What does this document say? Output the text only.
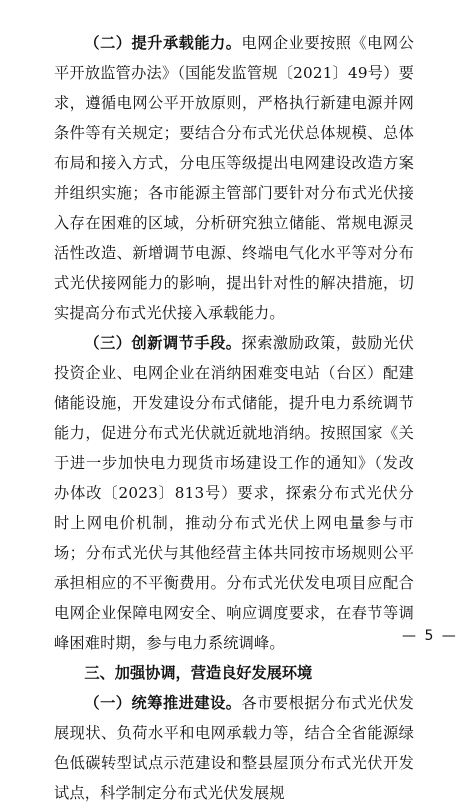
（二）提升承载能力。电网企业要按照《电网公平开放监管办法》（国能发监管规〔2021〕49号）要求，遵循电网公平开放原则，严格执行新建电源并网条件等有关规定；要结合分布式光伏总体规模、总体布局和接入方式，分电压等级提出电网建设改造方案并组织实施；各市能源主管部门要针对分布式光伏接入存在困难的区域，分析研究独立储能、常规电源灵活性改造、新增调节电源、终端电气化水平等对分布式光伏接网能力的影响，提出针对性的解决措施，切实提高分布式光伏接入承载能力。

（三）创新调节手段。探索激励政策，鼓励光伏投资企业、电网企业在消纳困难变电站（台区）配建储能设施，开发建设分布式储能，提升电力系统调节能力，促进分布式光伏就近就地消纳。按照国家《关于进一步加快电力现货市场建设工作的通知》（发改办体改〔2023〕813号）要求，探索分布式光伏分时上网电价机制，推动分布式光伏上网电量参与市场；分布式光伏与其他经营主体共同按市场规则公平承担相应的不平衡费用。分布式光伏发电项目应配合电网企业保障电网安全、响应调度要求，在春节等调峰困难时期，参与电力系统调峰。

三、加强协调，营造良好发展环境

（一）统筹推进建设。各市要根据分布式光伏发展现状、负荷水平和电网承载力等，结合全省能源绿色低碳转型试点示范建设和整县屋顶分布式光伏开发试点，科学制定分布式光伏发展规

— 5 —
